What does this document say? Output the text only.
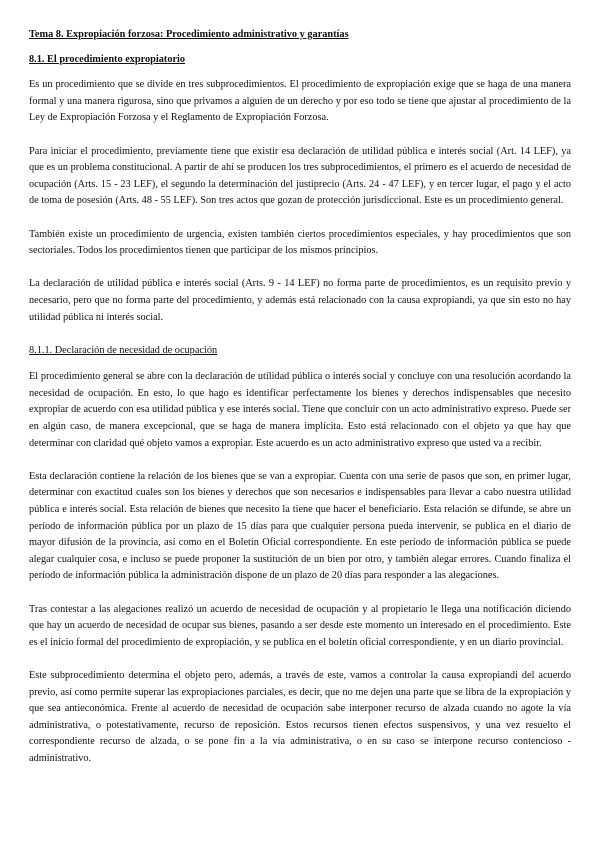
Tema 8. Expropiación forzosa: Procedimiento administrativo y garantías
8.1. El procedimiento expropiatorio

Es un procedimiento que se divide en tres subprocedimientos. El procedimiento de expropiación exige que se haga de una manera formal y una manera rigurosa, sino que privamos a alguien de un derecho y por eso todo se tiene que ajustar al procedimiento de la Ley de Expropiación Forzosa y el Reglamento de Expropiación Forzosa.

Para iniciar el procedimiento, previamente tiene que existir esa declaración de utilidad pública e interés social (Art. 14 LEF), ya que es un problema constitucional. A partir de ahí se producen los tres subprocedimientos, el primero es el acuerdo de necesidad de ocupación (Arts. 15 - 23 LEF), el segundo la determinación del justiprecio (Arts. 24 - 47 LEF), y en tercer lugar, el pago y el acto de toma de posesión (Arts. 48 - 55 LEF). Son tres actos que gozan de protección jurisdiccional. Este es un procedimiento general.

También existe un procedimiento de urgencia, existen también ciertos procedimientos especiales, y hay procedimientos que son sectoriales. Todos los procedimientos tienen que participar de los mismos principios.

La declaración de utilidad pública e interés social (Arts. 9 - 14 LEF) no forma parte de procedimientos, es un requisito previo y necesario, pero que no forma parte del procedimiento, y además está relacionado con la causa expropiandi, ya que sin esto no hay utilidad pública ni interés social.

8.1.1. Declaración de necesidad de ocupación

El procedimiento general se abre con la declaración de utilidad pública o interés social y concluye con una resolución acordando la necesidad de ocupación. En esto, lo que hago es identificar perfectamente los bienes y derechos indispensables que necesito expropiar de acuerdo con esa utilidad pública y ese interés social. Tiene que concluir con un acto administrativo expreso. Puede ser en algún caso, de manera excepcional, que se haga de manera implícita. Esto está relacionado con el objeto ya que hay que determinar con claridad qué objeto vamos a expropiar. Este acuerdo es un acto administrativo expreso que usted va a recibir.

Esta declaración contiene la relación de los bienes que se van a expropiar. Cuenta con una serie de pasos que son, en primer lugar, determinar con exactitud cuales son los bienes y derechos que son necesarios e indispensables para llevar a cabo nuestra utilidad pública e interés social. Esta relación de bienes que necesito la tiene que hacer el beneficiario. Esta relación se difunde, se abre un período de información pública por un plazo de 15 días para que cualquier persona pueda intervenir, se publica en el diario de mayor difusión de la provincia, así como en el Boletín Oficial correspondiente. En este período de información pública se puede alegar cualquier cosa, e incluso se puede proponer la sustitución de un bien por otro, y también alegar errores. Cuando finaliza el período de información pública la administración dispone de un plazo de 20 días para responder a las alegaciones.

Tras contestar a las alegaciones realizó un acuerdo de necesidad de ocupación y al propietario le llega una notificación diciendo que hay un acuerdo de necesidad de ocupar sus bienes, pasando a ser desde este momento un interesado en el procedimiento. Este es el inicio formal del procedimiento de expropiación, y se publica en el boletín oficial correspondiente, y en un diario provincial.

Este subprocedimiento determina el objeto pero, además, a través de este, vamos a controlar la causa expropiandi del acuerdo previo, así como permite superar las expropiaciones parciales, es decir, que no me dejen una parte que se libra de la expropiación y que sea antieconómica. Frente al acuerdo de necesidad de ocupación sabe interponer recurso de alzada cuando no agote la vía administrativa, o potestativamente, recurso de reposición. Estos recursos tienen efectos suspensivos, y una vez resuelto el correspondiente recurso de alzada, o se pone fin a la vía administrativa, o en su caso se interpone recurso contencioso - administrativo.
